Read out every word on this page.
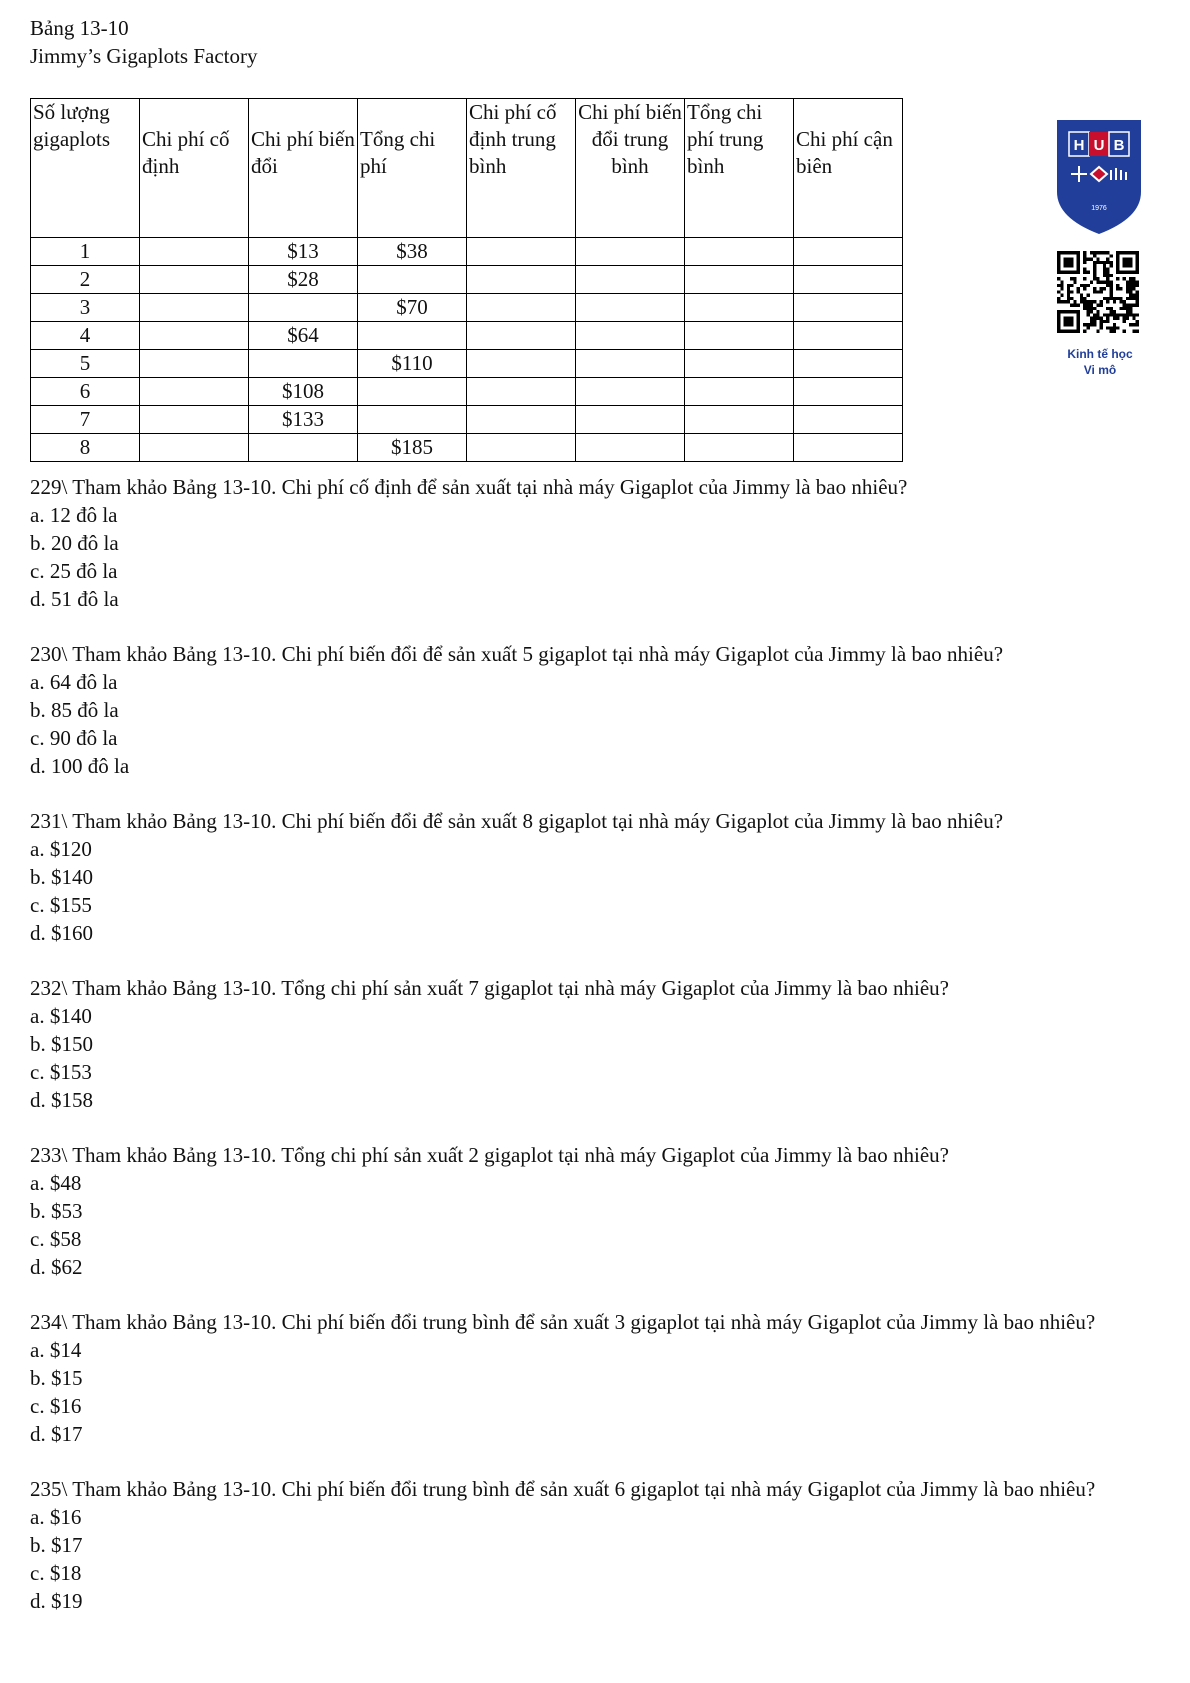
Bảng 13-10
Jimmy’s Gigaplots Factory
Số lượng gigaplots	Chi phí cố định	Chi phí biến đổi	Tổng chi phí	Chi phí cố định trung bình	Chi phí biến đổi trung bình	Tổng chi phí trung bình	Chi phí cận biên
1		$13	$38				
2		$28					
3			$70				
4		$64					
5			$110				
6		$108					
7		$133					
8			$185				
H U B
1976
Kinh tế học
Vi mô

229\ Tham khảo Bảng 13-10. Chi phí cố định để sản xuất tại nhà máy Gigaplot của Jimmy là bao nhiêu?

a. 12 đô la

b. 20 đô la

c. 25 đô la

d. 51 đô la

230\ Tham khảo Bảng 13-10. Chi phí biến đổi để sản xuất 5 gigaplot tại nhà máy Gigaplot của Jimmy là bao nhiêu?

a. 64 đô la

b. 85 đô la

c. 90 đô la

d. 100 đô la

231\ Tham khảo Bảng 13-10. Chi phí biến đổi để sản xuất 8 gigaplot tại nhà máy Gigaplot của Jimmy là bao nhiêu?

a. $120

b. $140

c. $155

d. $160

232\ Tham khảo Bảng 13-10. Tổng chi phí sản xuất 7 gigaplot tại nhà máy Gigaplot của Jimmy là bao nhiêu?

a. $140

b. $150

c. $153

d. $158

233\ Tham khảo Bảng 13-10. Tổng chi phí sản xuất 2 gigaplot tại nhà máy Gigaplot của Jimmy là bao nhiêu?

a. $48

b. $53

c. $58

d. $62

234\ Tham khảo Bảng 13-10. Chi phí biến đổi trung bình để sản xuất 3 gigaplot tại nhà máy Gigaplot của Jimmy là bao nhiêu?

a. $14

b. $15

c. $16

d. $17

235\ Tham khảo Bảng 13-10. Chi phí biến đổi trung bình để sản xuất 6 gigaplot tại nhà máy Gigaplot của Jimmy là bao nhiêu?

a. $16

b. $17

c. $18

d. $19
